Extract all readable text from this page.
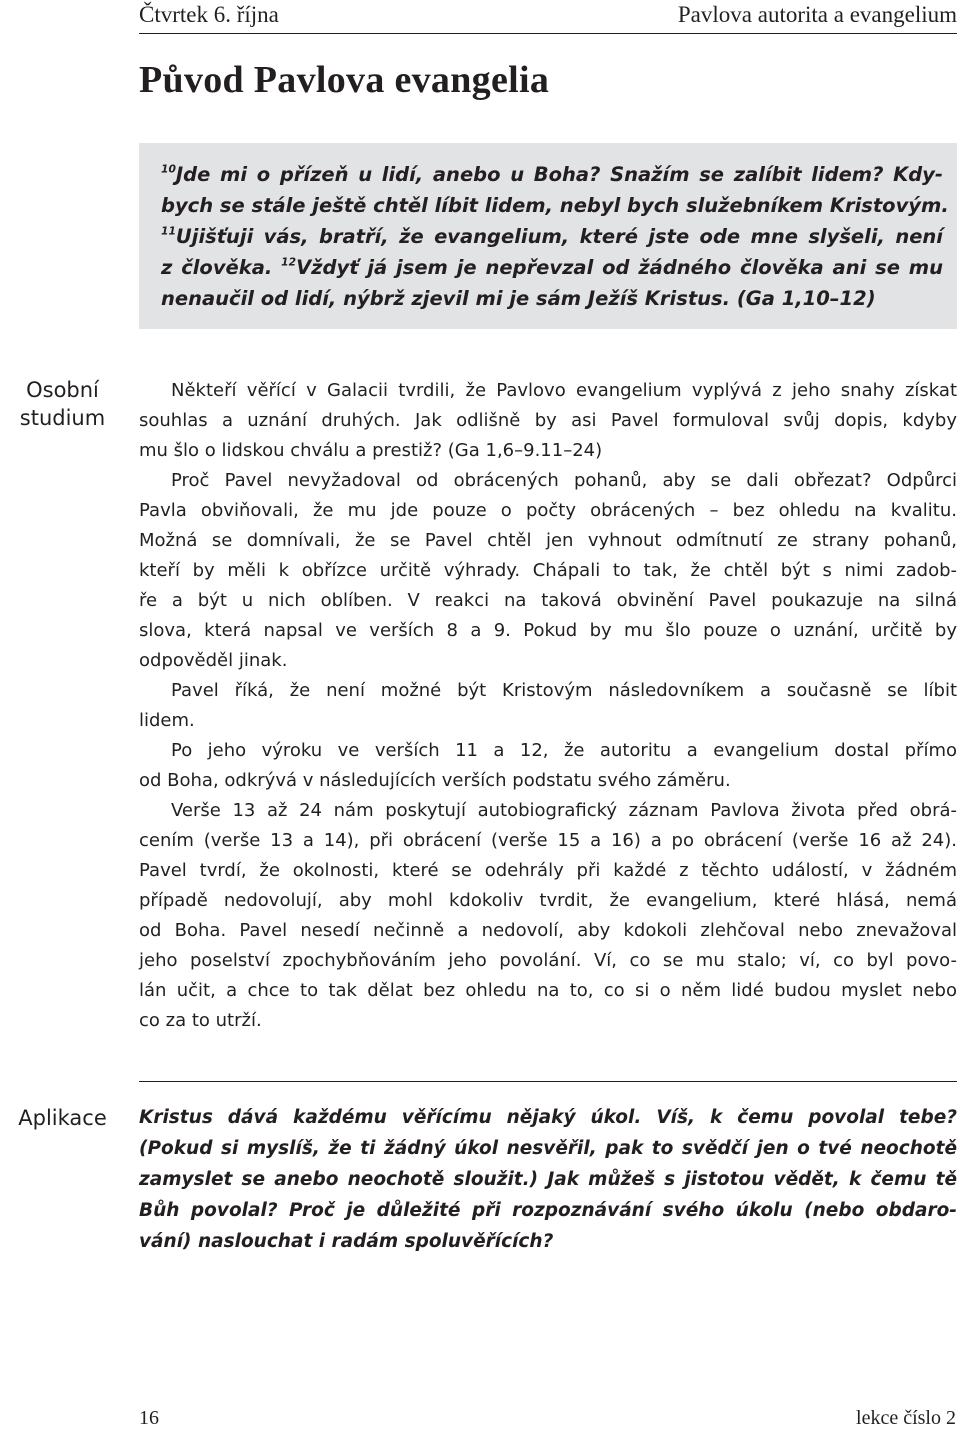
Čtvrtek 6. října	Pavlova autorita a evangelium
Původ Pavlova evangelia
$^{10}$Jde mi o přízeň u lidí, anebo u Boha? Snažím se zalíbit lidem? Kdy-
bych se stále ještě chtěl líbit lidem, nebyl bych služebníkem Kristovým.
$^{11}$Ujišťuji vás, bratří, že evangelium, které jste ode mne slyšeli, není
z člověka. $^{12}$Vždyť já jsem je nepřevzal od žádného člověka ani se mu
nenaučil od lidí, nýbrž zjevil mi je sám Ježíš Kristus. (Ga 1,10–12)
Osobní
studium
Někteří věřící v Galacii tvrdili, že Pavlovo evangelium vyplývá z jeho snahy získat
souhlas a uznání druhých. Jak odlišně by asi Pavel formuloval svůj dopis, kdyby
mu šlo o lidskou chválu a prestiž? (Ga 1,6–9.11–24)
Proč Pavel nevyžadoval od obrácených pohanů, aby se dali obřezat? Odpůrci
Pavla obviňovali, že mu jde pouze o počty obrácených – bez ohledu na kvalitu.
Možná se domnívali, že se Pavel chtěl jen vyhnout odmítnutí ze strany pohanů,
kteří by měli k obřízce určitě výhrady. Chápali to tak, že chtěl být s nimi zadob-
ře a být u nich oblíben. V reakci na taková obvinění Pavel poukazuje na silná
slova, která napsal ve verších 8 a 9. Pokud by mu šlo pouze o uznání, určitě by
odpověděl jinak.
Pavel říká, že není možné být Kristovým následovníkem a současně se líbit
lidem.
Po jeho výroku ve verších 11 a 12, že autoritu a evangelium dostal přímo
od Boha, odkrývá v následujících verších podstatu svého záměru.
Verše 13 až 24 nám poskytují autobiografický záznam Pavlova života před obrá-
cením (verše 13 a 14), při obrácení (verše 15 a 16) a po obrácení (verše 16 až 24).
Pavel tvrdí, že okolnosti, které se odehrály při každé z těchto událostí, v žádném
případě nedovolují, aby mohl kdokoliv tvrdit, že evangelium, které hlásá, nemá
od Boha. Pavel nesedí nečinně a nedovolí, aby kdokoli zlehčoval nebo znevažoval
jeho poselství zpochybňováním jeho povolání. Ví, co se mu stalo; ví, co byl povo-
lán učit, a chce to tak dělat bez ohledu na to, co si o něm lidé budou myslet nebo
co za to utrží.
Aplikace	Kristus dává každému věřícímu nějaký úkol. Víš, k čemu povolal tebe?
(Pokud si myslíš, že ti žádný úkol nesvěřil, pak to svědčí jen o tvé neochotě
zamyslet se anebo neochotě sloužit.) Jak můžeš s jistotou vědět, k čemu tě
Bůh povolal? Proč je důležité při rozpoznávání svého úkolu (nebo obdaro-
vání) naslouchat i radám spoluvěřících?
16	lekce číslo 2
